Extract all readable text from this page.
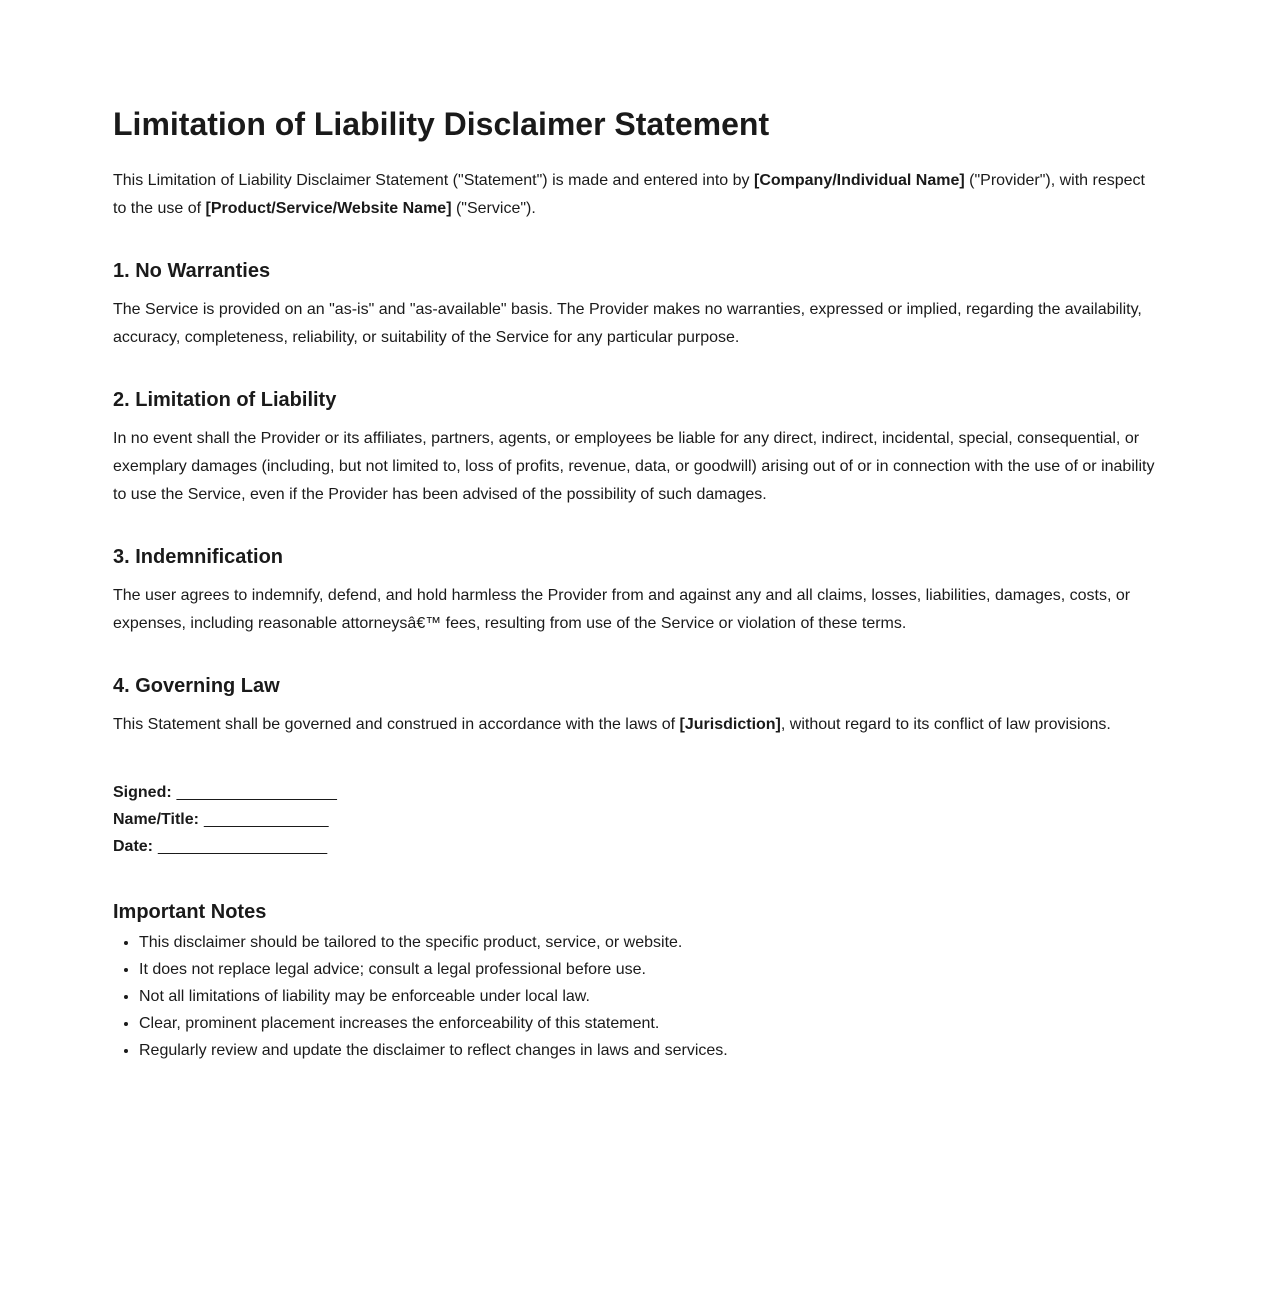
Limitation of Liability Disclaimer Statement

This Limitation of Liability Disclaimer Statement ("Statement") is made and entered into by [Company/Individual Name] ("Provider"), with respect to the use of [Product/Service/Website Name] ("Service").

1. No Warranties

The Service is provided on an "as-is" and "as-available" basis. The Provider makes no warranties, expressed or implied, regarding the availability, accuracy, completeness, reliability, or suitability of the Service for any particular purpose.

2. Limitation of Liability

In no event shall the Provider or its affiliates, partners, agents, or employees be liable for any direct, indirect, incidental, special, consequential, or exemplary damages (including, but not limited to, loss of profits, revenue, data, or goodwill) arising out of or in connection with the use of or inability to use the Service, even if the Provider has been advised of the possibility of such damages.

3. Indemnification

The user agrees to indemnify, defend, and hold harmless the Provider from and against any and all claims, losses, liabilities, damages, costs, or expenses, including reasonable attorneysâ€™ fees, resulting from use of the Service or violation of these terms.

4. Governing Law

This Statement shall be governed and construed in accordance with the laws of [Jurisdiction], without regard to its conflict of law provisions.

Signed: __________________
Name/Title: ______________
Date: ___________________
Important Notes
• This disclaimer should be tailored to the specific product, service, or website.
• It does not replace legal advice; consult a legal professional before use.
• Not all limitations of liability may be enforceable under local law.
• Clear, prominent placement increases the enforceability of this statement.
• Regularly review and update the disclaimer to reflect changes in laws and services.
